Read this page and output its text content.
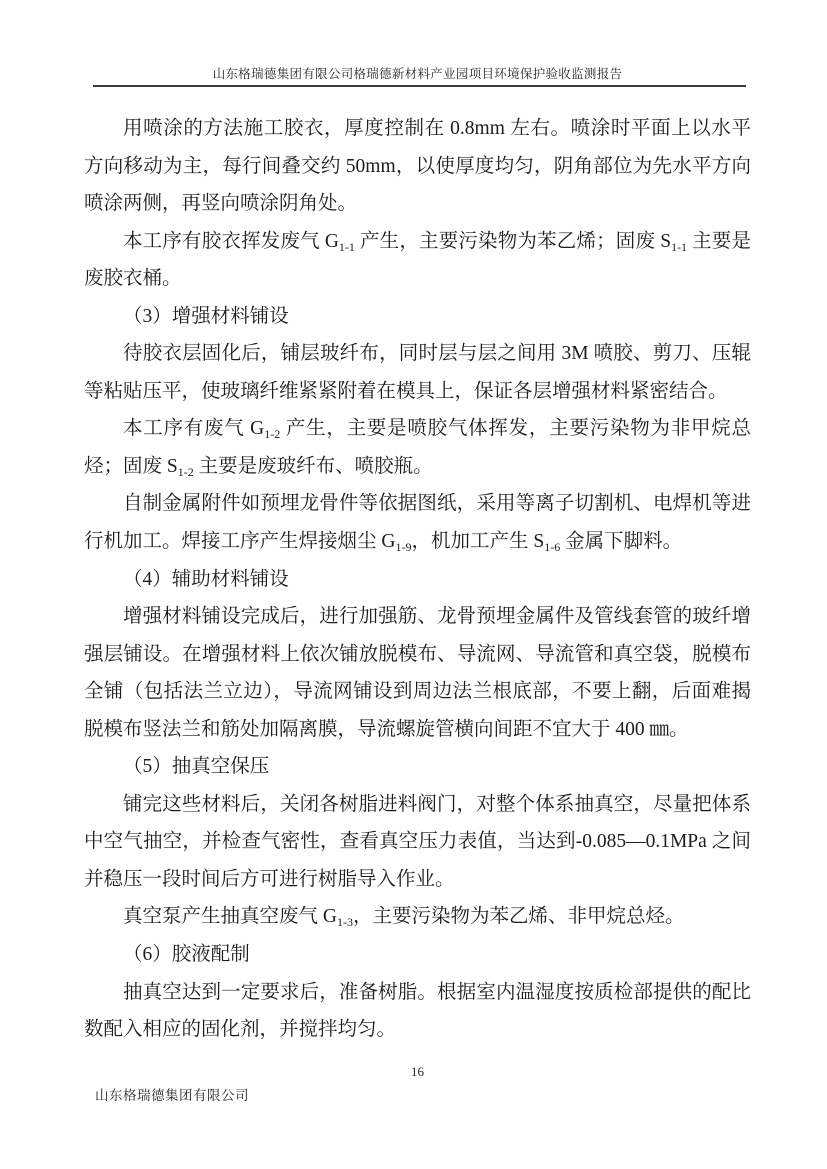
山东格瑞德集团有限公司格瑞德新材料产业园项目环境保护验收监测报告

用喷涂的方法施工胶衣，厚度控制在 0.8mm 左右。喷涂时平面上以水平方向移动为主，每行间叠交约 50mm，以使厚度均匀，阴角部位为先水平方向喷涂两侧，再竖向喷涂阴角处。

本工序有胶衣挥发废气 $G_{1-1}$ 产生，主要污染物为苯乙烯；固废 $S_{1-1}$ 主要是废胶衣桶。

（3）增强材料铺设

待胶衣层固化后，铺层玻纤布，同时层与层之间用 3M 喷胶、剪刀、压辊等粘贴压平，使玻璃纤维紧紧附着在模具上，保证各层增强材料紧密结合。

本工序有废气 $G_{1-2}$ 产生，主要是喷胶气体挥发，主要污染物为非甲烷总烃；固废 $S_{1-2}$ 主要是废玻纤布、喷胶瓶。

自制金属附件如预埋龙骨件等依据图纸，采用等离子切割机、电焊机等进行机加工。焊接工序产生焊接烟尘 $G_{1-9}$，机加工产生 $S_{1-6}$ 金属下脚料。

（4）辅助材料铺设

增强材料铺设完成后，进行加强筋、龙骨预埋金属件及管线套管的玻纤增强层铺设。在增强材料上依次铺放脱模布、导流网、导流管和真空袋，脱模布全铺（包括法兰立边），导流网铺设到周边法兰根底部，不要上翻，后面难揭脱模布竖法兰和筋处加隔离膜，导流螺旋管横向间距不宜大于 400 ㎜。

（5）抽真空保压

铺完这些材料后，关闭各树脂进料阀门，对整个体系抽真空，尽量把体系中空气抽空，并检查气密性，查看真空压力表值，当达到-0.085—0.1MPa 之间并稳压一段时间后方可进行树脂导入作业。

真空泵产生抽真空废气 $G_{1-3}$，主要污染物为苯乙烯、非甲烷总烃。

（6）胶液配制

抽真空达到一定要求后，准备树脂。根据室内温湿度按质检部提供的配比数配入相应的固化剂，并搅拌均匀。

16
山东格瑞德集团有限公司
